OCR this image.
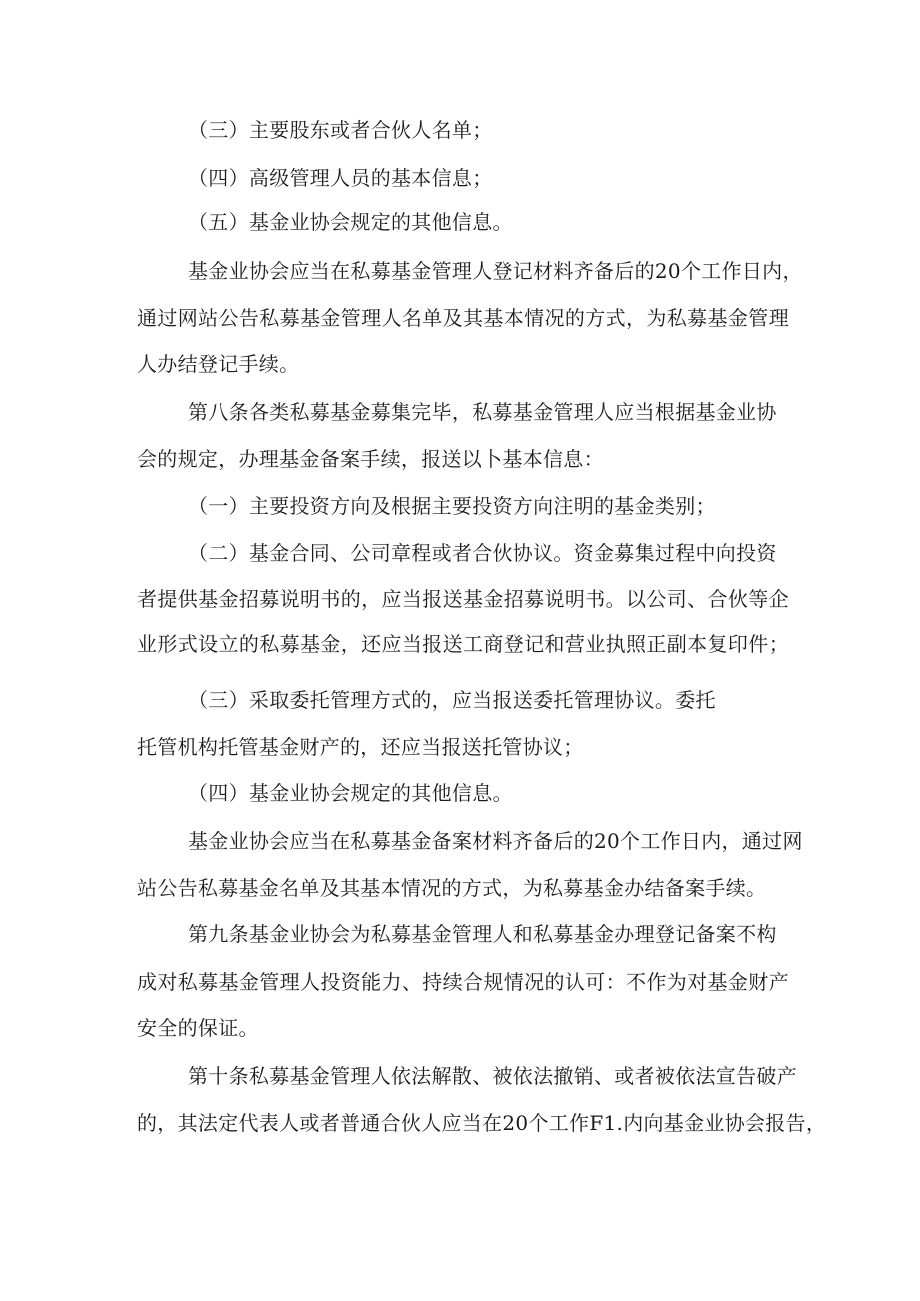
（三）主要股东或者合伙人名单；
（四）高级管理人员的基本信息；
（五）基金业协会规定的其他信息。
基金业协会应当在私募基金管理人登记材料齐备后的20个工作日内，
通过网站公告私募基金管理人名单及其基本情况的方式，为私募基金管理
人办结登记手续。
第八条各类私募基金募集完毕，私募基金管理人应当根据基金业协
会的规定，办理基金备案手续，报送以卜基本信息：
（一）主要投资方向及根据主要投资方向注明的基金类别；
（二）基金合同、公司章程或者合伙协议。资金募集过程中向投资
者提供基金招募说明书的，应当报送基金招募说明书。以公司、合伙等企
业形式设立的私募基金，还应当报送工商登记和营业执照正副本复印件；
（三）采取委托管理方式的，应当报送委托管理协议。委托
托管机构托管基金财产的，还应当报送托管协议；
（四）基金业协会规定的其他信息。
基金业协会应当在私募基金备案材料齐备后的20个工作日内，通过网
站公告私募基金名单及其基本情况的方式，为私募基金办结备案手续。
第九条基金业协会为私募基金管理人和私募基金办理登记备案不构
成对私募基金管理人投资能力、持续合规情况的认可：不作为对基金财产
安全的保证。
第十条私募基金管理人依法解散、被依法撤销、或者被依法宣告破产
的，其法定代表人或者普通合伙人应当在20个工作F1.内向基金业协会报告，
